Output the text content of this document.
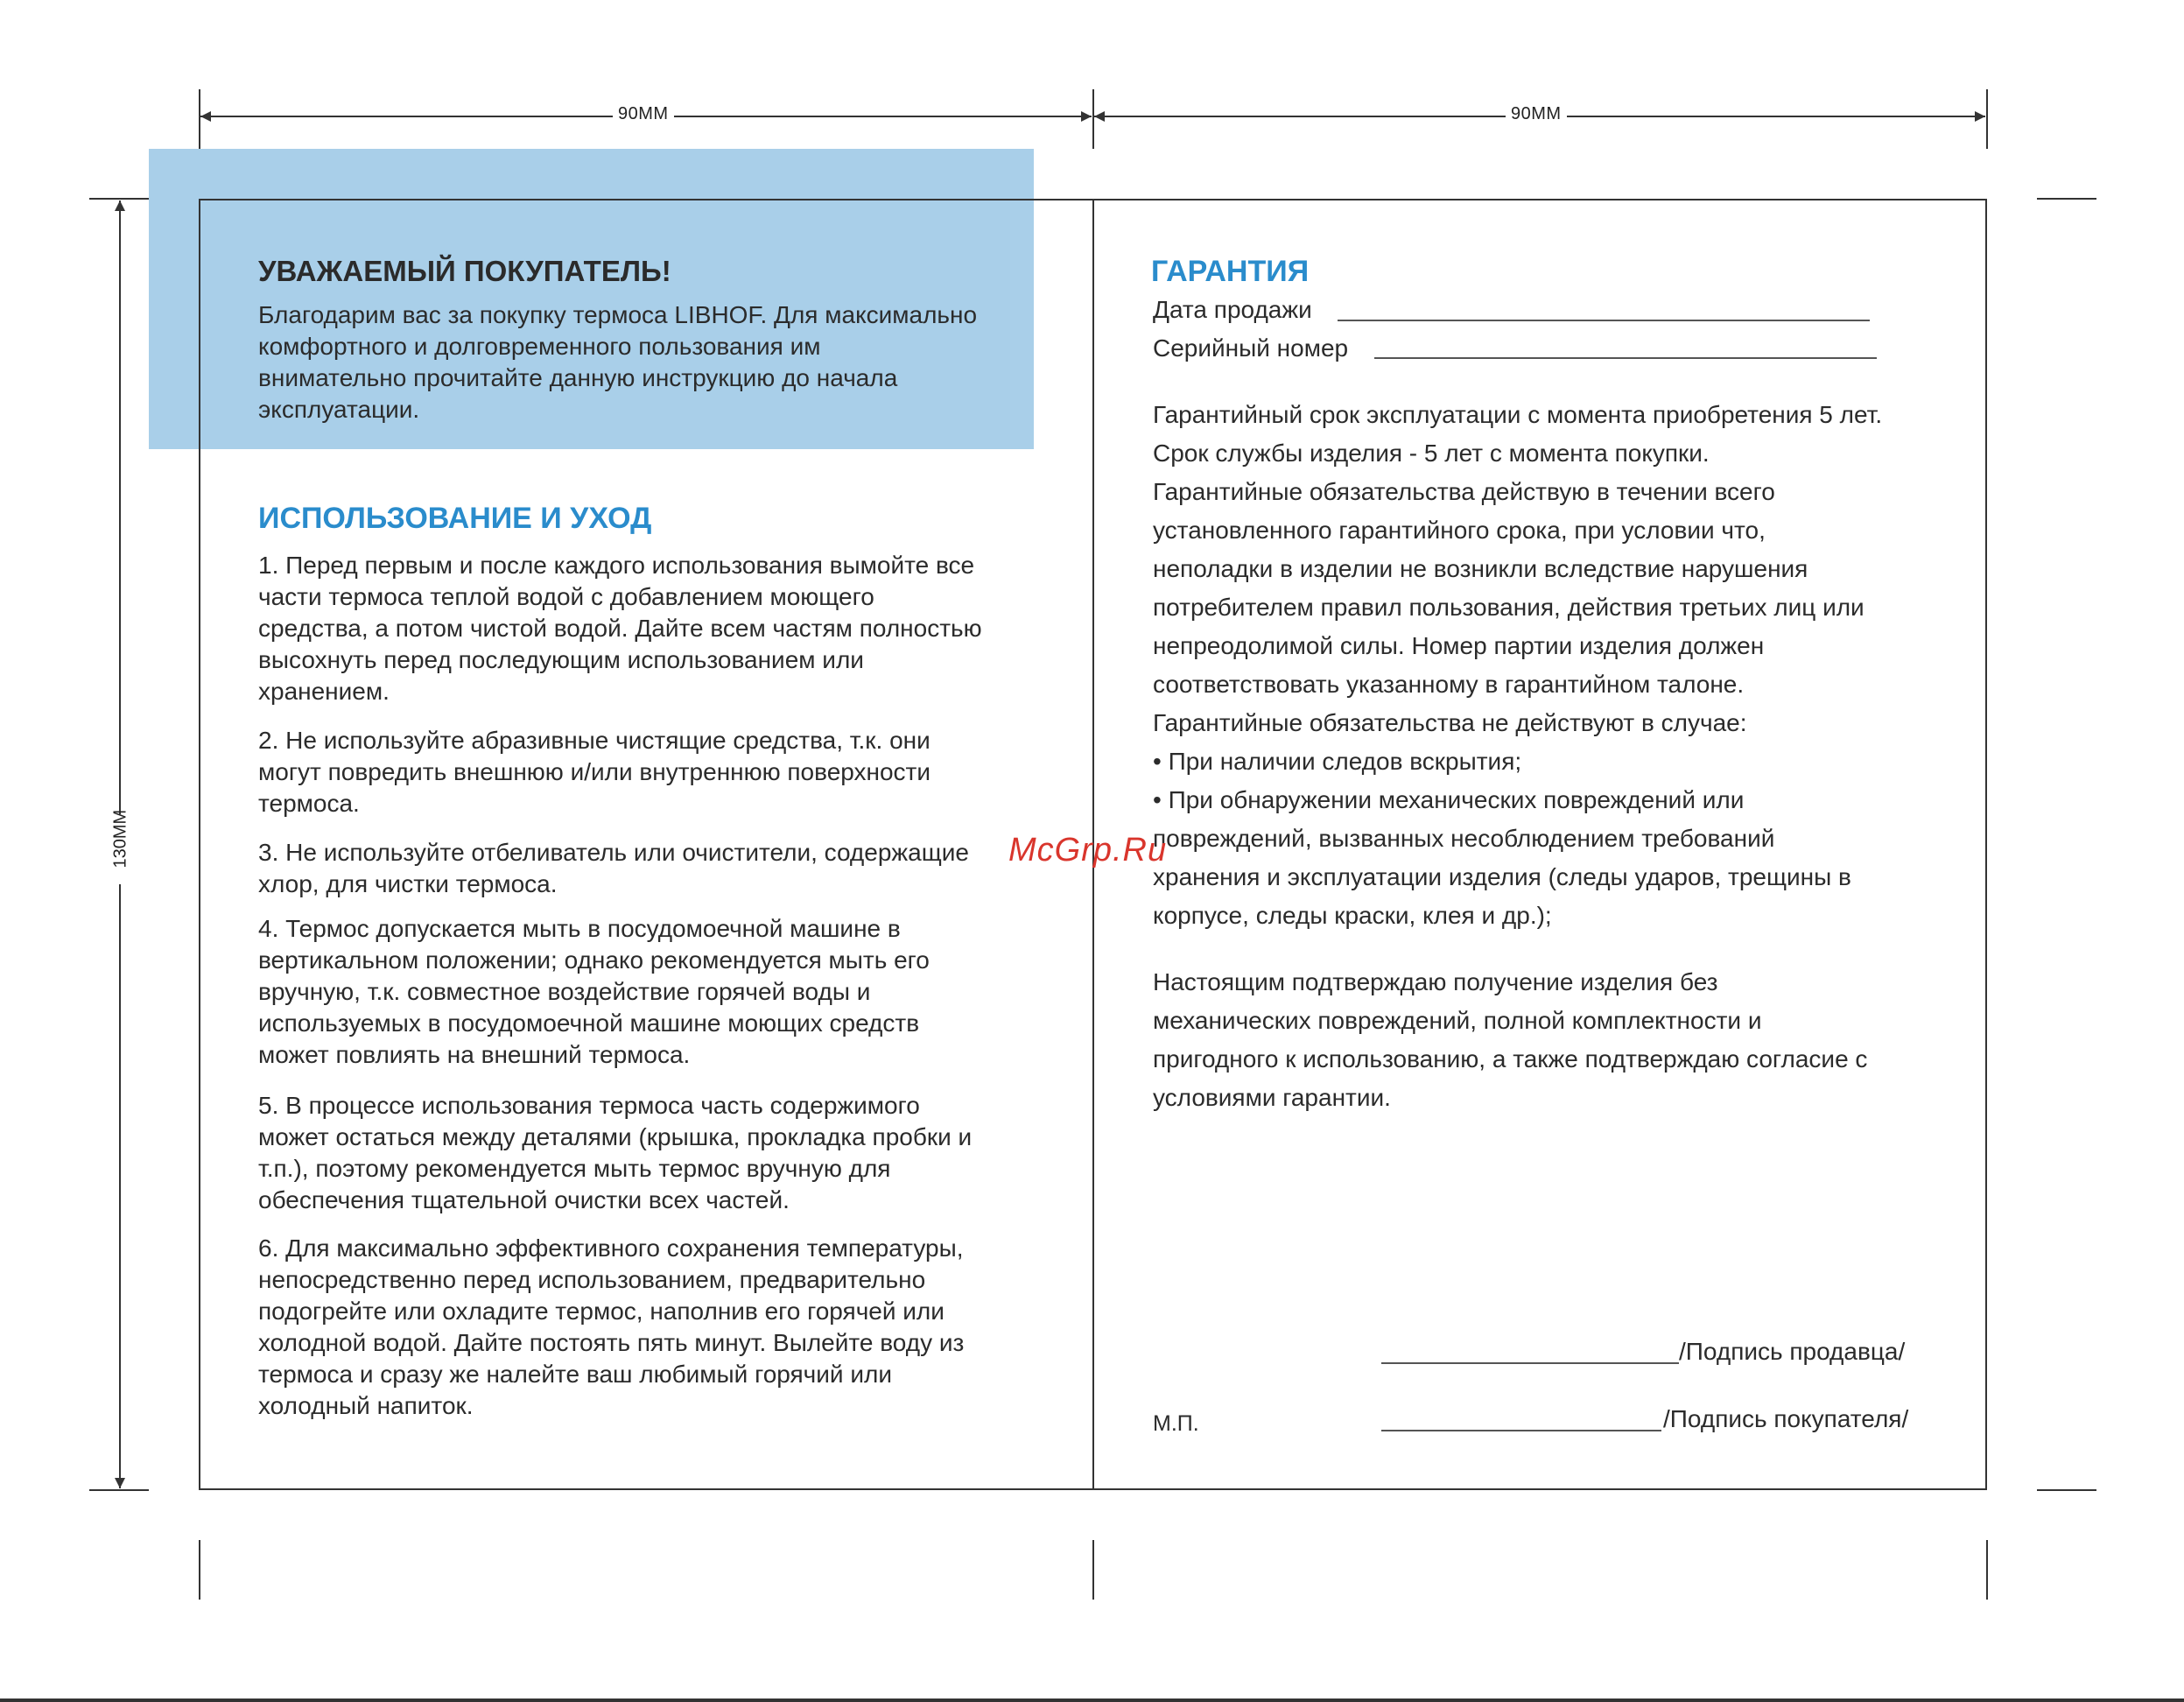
90MM	90MM
130MM
УВАЖАЕМЫЙ ПОКУПАТЕЛЬ!
Благодарим вас за покупку термоса LIBHOF. Для максимально
комфортного и долговременного пользования им
внимательно прочитайте данную инструкцию до начала
эксплуатации.
ИСПОЛЬЗОВАНИЕ И УХОД
1. Перед первым и после каждого использования вымойте все
части термоса теплой водой с добавлением моющего
средства, а потом чистой водой. Дайте всем частям полностью
высохнуть перед последующим использованием или
хранением.
2. Не используйте абразивные чистящие средства, т.к. они
могут повредить внешнюю и/или внутреннюю поверхности
термоса.
3. Не используйте отбеливатель или очистители, содержащие
хлор, для чистки термоса.
4. Термос допускается мыть в посудомоечной машине в
вертикальном положении; однако рекомендуется мыть его
вручную, т.к. совместное воздействие горячей воды и
используемых в посудомоечной машине моющих средств
может повлиять на внешний термоса.
5. В процессе использования термоса часть содержимого
может остаться между деталями (крышка, прокладка пробки и
т.п.), поэтому рекомендуется мыть термос вручную для
обеспечения тщательной очистки всех частей.
6. Для максимально эффективного сохранения температуры,
непосредственно перед использованием, предварительно
подогрейте или охладите термос, наполнив его горячей или
холодной водой. Дайте постоять пять минут. Вылейте воду из
термоса и сразу же налейте ваш любимый горячий или
холодный напиток.
ГАРАНТИЯ
Дата продажи
Серийный номер
Гарантийный срок эксплуатации с момента приобретения 5 лет.
Срок службы изделия - 5 лет с момента покупки.
Гарантийные обязательства действую в течении всего
установленного гарантийного срока, при условии что,
неполадки в изделии не возникли вследствие нарушения
потребителем правил пользования, действия третьих лиц или
непреодолимой силы. Номер партии изделия должен
соответствовать указанному в гарантийном талоне.
Гарантийные обязательства не действуют в случае:
• При наличии следов вскрытия;
• При обнаружении механических повреждений или
повреждений, вызванных несоблюдением требований
хранения и эксплуатации изделия (следы ударов, трещины в
корпусе, следы краски, клея и др.);
Настоящим подтверждаю получение изделия без
механических повреждений, полной комплектности и
пригодного к использованию, а также подтверждаю согласие с
условиями гарантии.
/Подпись продавца/
М.П.	/Подпись покупателя/
McGrp.Ru
